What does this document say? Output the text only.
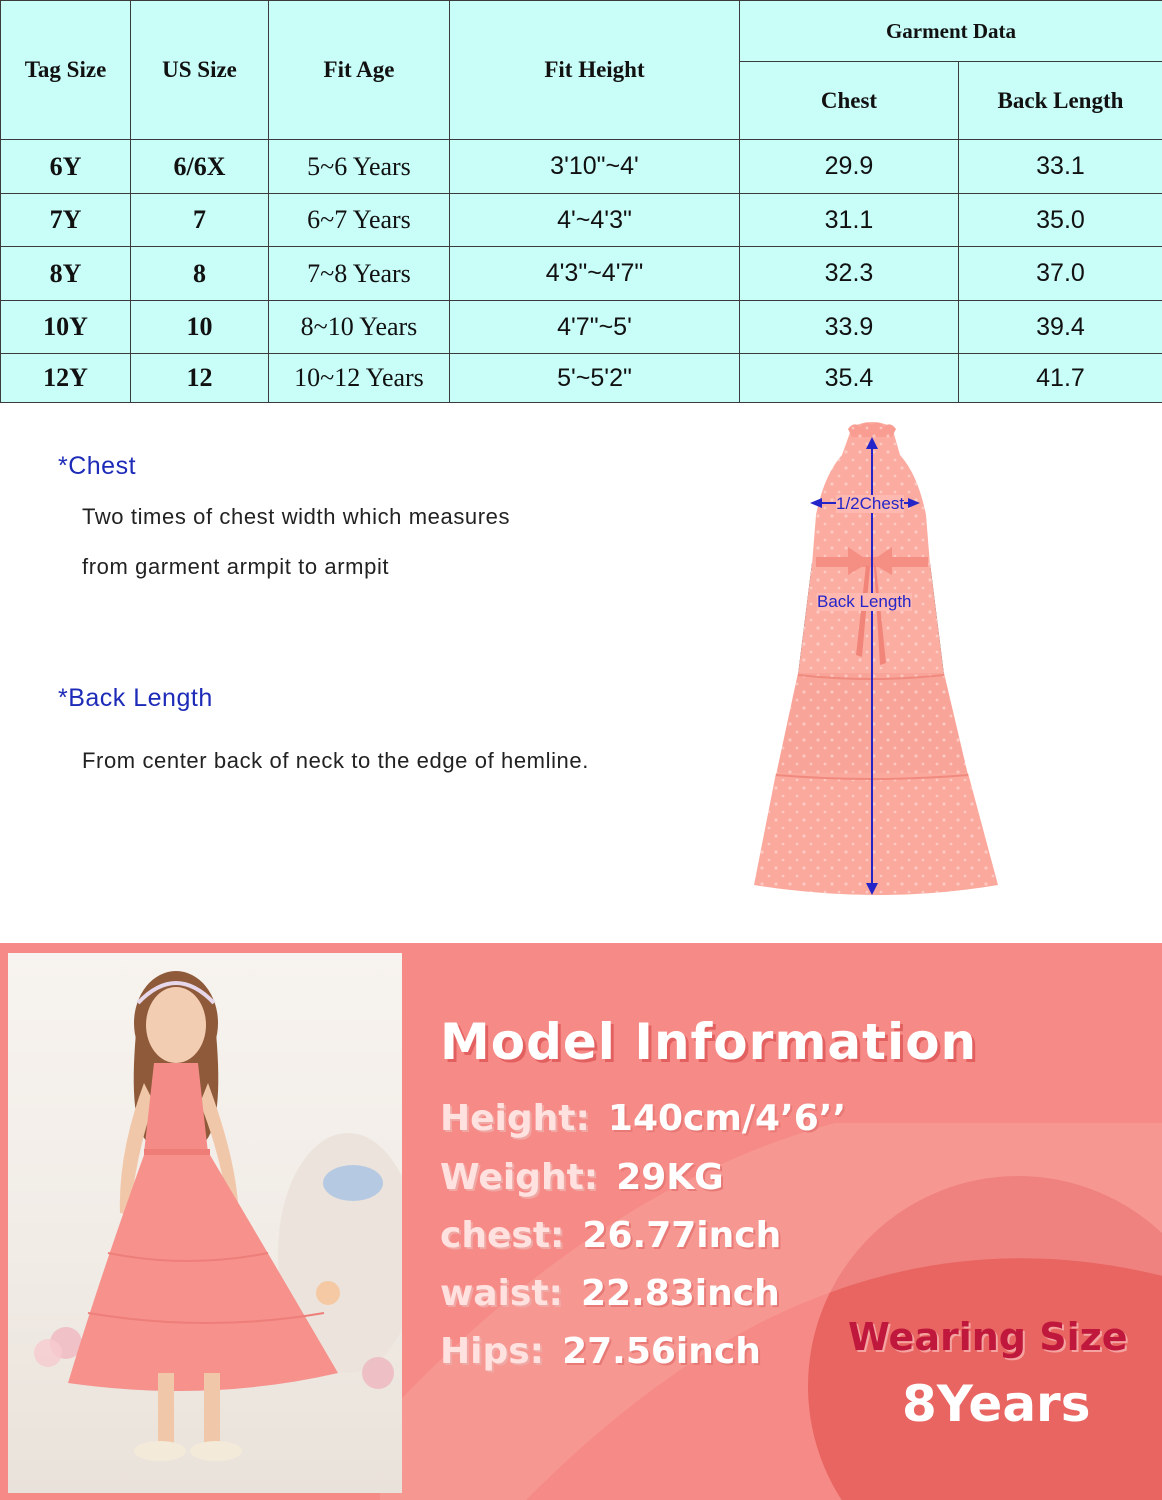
Tag Size	US Size	Fit Age	Fit Height	Garment Data	
				Chest	Back Length
6Y	6/6X	5~6 Years	3'10"~4'	29.9	33.1
7Y	7	6~7 Years	4'~4'3"	31.1	35.0
8Y	8	7~8 Years	4'3"~4'7"	32.3	37.0
10Y	10	8~10 Years	4'7"~5'	33.9	39.4
12Y	12	10~12 Years	5'~5'2"	35.4	41.7
*Chest
Two times of chest width which measures
from garment armpit to armpit
*Back Length
From center back of neck to the edge of hemline.
1/2Chest
Back Length
Model Information
Height: 140cm/4’6’’
Weight: 29KG
chest: 26.77inch
waist: 22.83inch
Hips: 27.56inch Wearing Size
8Years
